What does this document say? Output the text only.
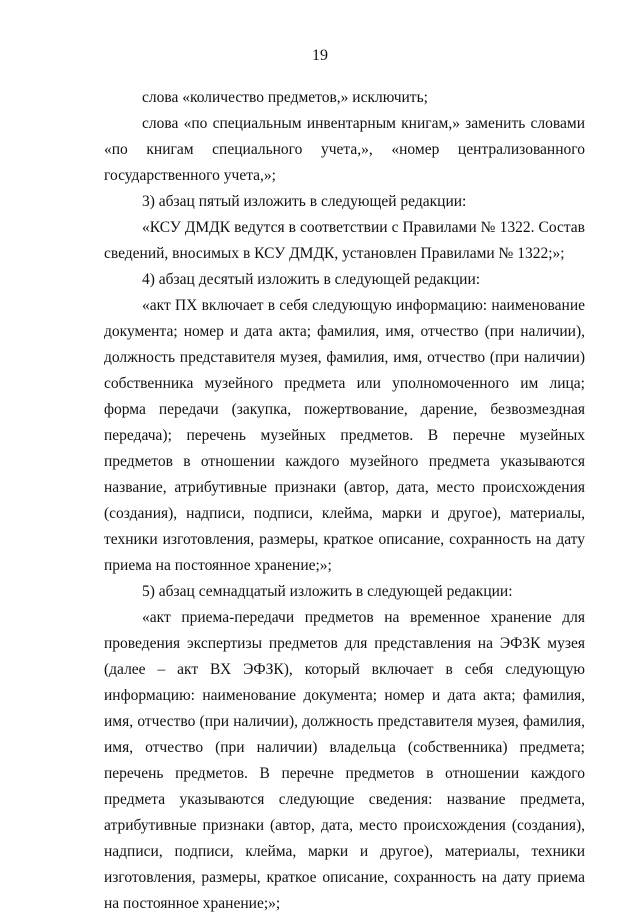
19

слова «количество предметов,» исключить;

слова «по специальным инвентарным книгам,» заменить словами «по книгам специального учета,», «номер централизованного государственного учета,»;

3) абзац пятый изложить в следующей редакции:

«КСУ ДМДК ведутся в соответствии с Правилами № 1322. Состав сведений, вносимых в КСУ ДМДК, установлен Правилами № 1322;»;

4) абзац десятый изложить в следующей редакции:

«акт ПХ включает в себя следующую информацию: наименование документа; номер и дата акта; фамилия, имя, отчество (при наличии), должность представителя музея, фамилия, имя, отчество (при наличии) собственника музейного предмета или уполномоченного им лица; форма передачи (закупка, пожертвование, дарение, безвозмездная передача); перечень музейных предметов. В перечне музейных предметов в отношении каждого музейного предмета указываются название, атрибутивные признаки (автор, дата, место происхождения (создания), надписи, подписи, клейма, марки и другое), материалы, техники изготовления, размеры, краткое описание, сохранность на дату приема на постоянное хранение;»;

5) абзац семнадцатый изложить в следующей редакции:

«акт приема-передачи предметов на временное хранение для проведения экспертизы предметов для представления на ЭФЗК музея (далее – акт ВХ ЭФЗК), который включает в себя следующую информацию: наименование документа; номер и дата акта; фамилия, имя, отчество (при наличии), должность представителя музея, фамилия, имя, отчество (при наличии) владельца (собственника) предмета; перечень предметов. В перечне предметов в отношении каждого предмета указываются следующие сведения: название предмета, атрибутивные признаки (автор, дата, место происхождения (создания), надписи, подписи, клейма, марки и другое), материалы, техники изготовления, размеры, краткое описание, сохранность на дату приема на постоянное хранение;»;
